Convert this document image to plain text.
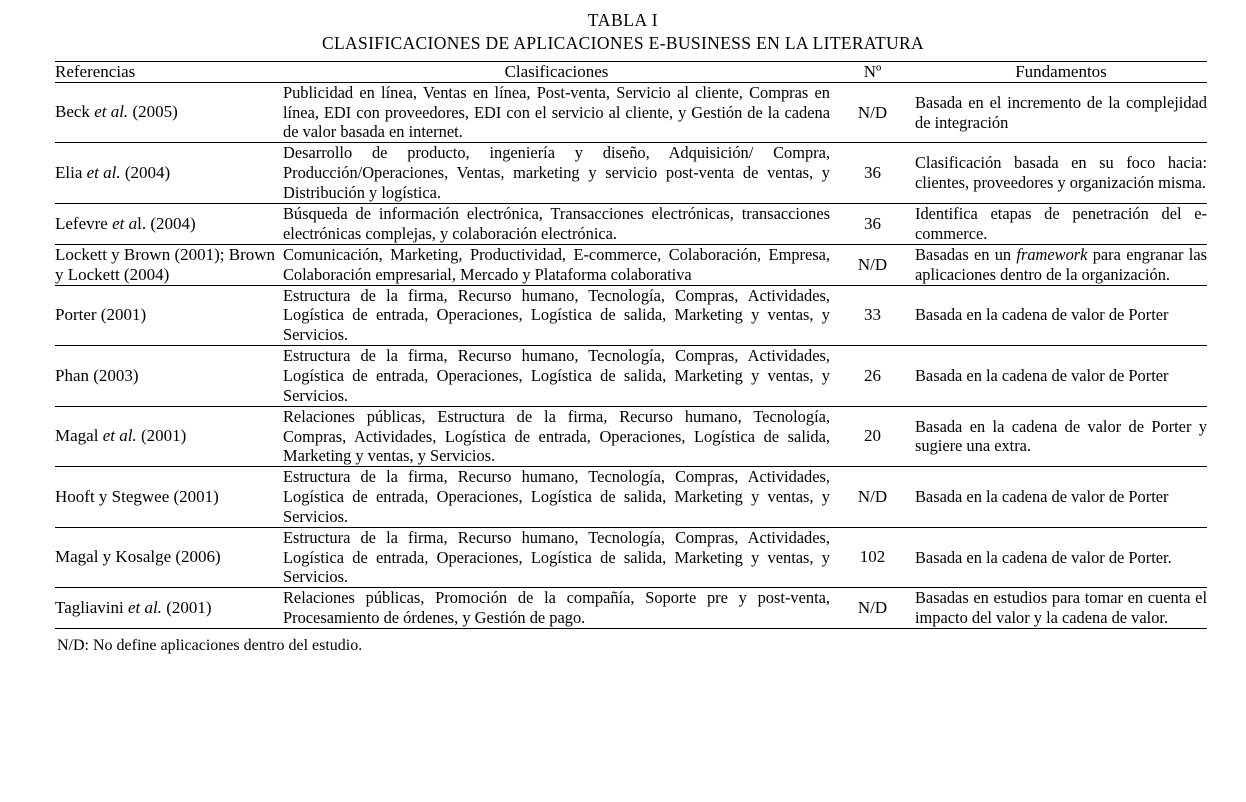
TABLA I
CLASIFICACIONES DE APLICACIONES E-BUSINESS EN LA LITERATURA
Referencias	Clasificaciones	Nº	Fundamentos
Beck et al. (2005)	Publicidad en línea, Ventas en línea, Post-venta, Servicio al cliente, Compras en línea, EDI con proveedores, EDI con el servicio al cliente, y Gestión de la cadena de valor basada en internet.	N/D	Basada en el incremento de la complejidad de integración
Elia et al. (2004)	Desarrollo de producto, ingeniería y diseño, Adquisición/ Compra, Producción/Operaciones, Ventas, marketing y servicio post-venta de ventas, y Distribución y logística.	36	Clasificación basada en su foco hacia: clientes, proveedores y organización misma.
Lefevre et al. (2004)	Búsqueda de información electrónica, Transacciones electrónicas, transacciones electrónicas complejas, y colaboración electrónica.	36	Identifica etapas de penetración del e-commerce.
Lockett y Brown (2001); Brown y Lockett (2004)	Comunicación, Marketing, Productividad, E-commerce, Colaboración, Empresa, Colaboración empresarial, Mercado y Plataforma colaborativa	N/D	Basadas en un framework para engranar las aplicaciones dentro de la organización.
Porter (2001)	Estructura de la firma, Recurso humano, Tecnología, Compras, Actividades, Logística de entrada, Operaciones, Logística de salida, Marketing y ventas, y Servicios.	33	Basada en la cadena de valor de Porter
Phan (2003)	Estructura de la firma, Recurso humano, Tecnología, Compras, Actividades, Logística de entrada, Operaciones, Logística de salida, Marketing y ventas, y Servicios.	26	Basada en la cadena de valor de Porter
Magal et al. (2001)	Relaciones públicas, Estructura de la firma, Recurso humano, Tecnología, Compras, Actividades, Logística de entrada, Operaciones, Logística de salida, Marketing y ventas, y Servicios.	20	Basada en la cadena de valor de Porter y sugiere una extra.
Hooft y Stegwee (2001)	Estructura de la firma, Recurso humano, Tecnología, Compras, Actividades, Logística de entrada, Operaciones, Logística de salida, Marketing y ventas, y Servicios.	N/D	Basada en la cadena de valor de Porter
Magal y Kosalge (2006)	Estructura de la firma, Recurso humano, Tecnología, Compras, Actividades, Logística de entrada, Operaciones, Logística de salida, Marketing y ventas, y Servicios.	102	Basada en la cadena de valor de Porter.
Tagliavini et al. (2001)	Relaciones públicas, Promoción de la compañía, Soporte pre y post-venta, Procesamiento de órdenes, y Gestión de pago.	N/D	Basadas en estudios para tomar en cuenta el impacto del valor y la cadena de valor.

N/D: No define aplicaciones dentro del estudio.
